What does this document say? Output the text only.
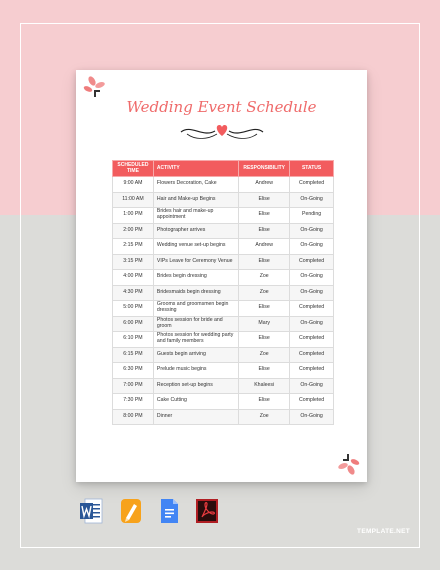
Wedding Event Schedule
SCHEDULED TIME	ACTIVITY	RESPONSIBILITY	STATUS
9:00 AM	Flowers Decoration, Cake	Andrew	Completed
11:00 AM	Hair and Make-up Begins	Elise	On-Going
1:00 PM	Brides hair and make-up appointment	Elise	Pending
2:00 PM	Photographer arrives	Elise	On-Going
2:15 PM	Wedding venue set-up begins	Andrew	On-Going
3:15 PM	VIPs Leave for Ceremony Venue	Elise	Completed
4:00 PM	Brides begin dressing	Zoe	On-Going
4:30 PM	Bridesmaids begin dressing	Zoe	On-Going
5:00 PM	Grooms and groomsmen begin dressing	Elise	Completed
6:00 PM	Photos session for bride and groom	Mary	On-Going
6:10 PM	Photos session for wedding party and family members	Elise	Completed
6:15 PM	Guests begin arriving	Zoe	Completed
6:30 PM	Prelude music begins	Elise	Completed
7:00 PM	Reception set-up begins	Khaleesi	On-Going
7:30 PM	Cake Cutting	Elise	Completed
8:00 PM	Dinner	Zoe	On-Going
TEMPLATE.NET
